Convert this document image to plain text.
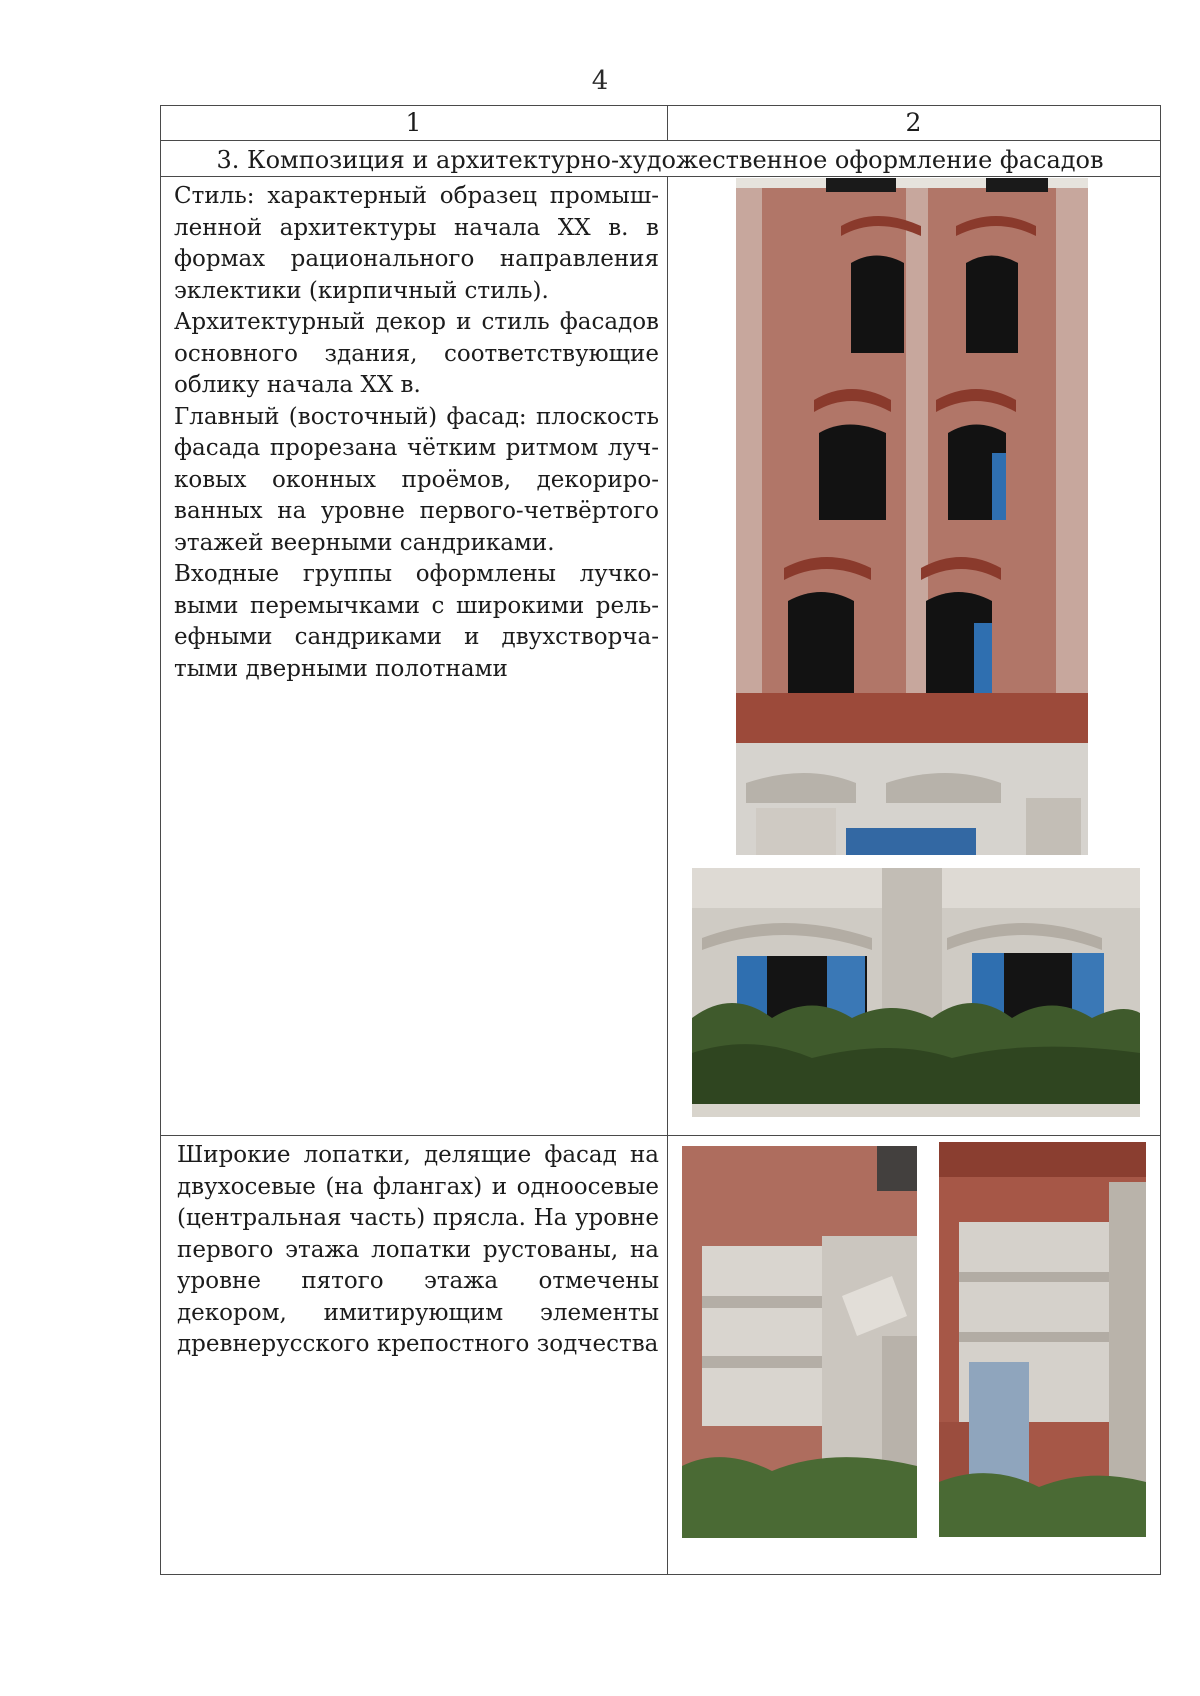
4
1	2
3. Композиция и архитектурно-художественное оформление фасадов

Стиль: характерный образец промышленной архитектуры начала XX в. в формах рационального направления эклектики (кирпичный стиль).

Архитектурный декор и стиль фасадов основного здания, соответствующие облику начала XX в.

Главный (восточный) фасад: плоскость фасада прорезана чётким ритмом лучковых оконных проёмов, декорированных на уровне первого-четвёртого этажей веерными сандриками.

Входные группы оформлены лучковыми перемычками с широкими рельефными сандриками и двухстворчатыми дверными полотнами

Широкие лопатки, делящие фасад на двухосевые (на флангах) и одноосевые (центральная часть) прясла. На уровне первого этажа лопатки рустованы, на уровне пятого этажа отмечены декором, имитирующим элементы древнерусского крепостного зодчества
